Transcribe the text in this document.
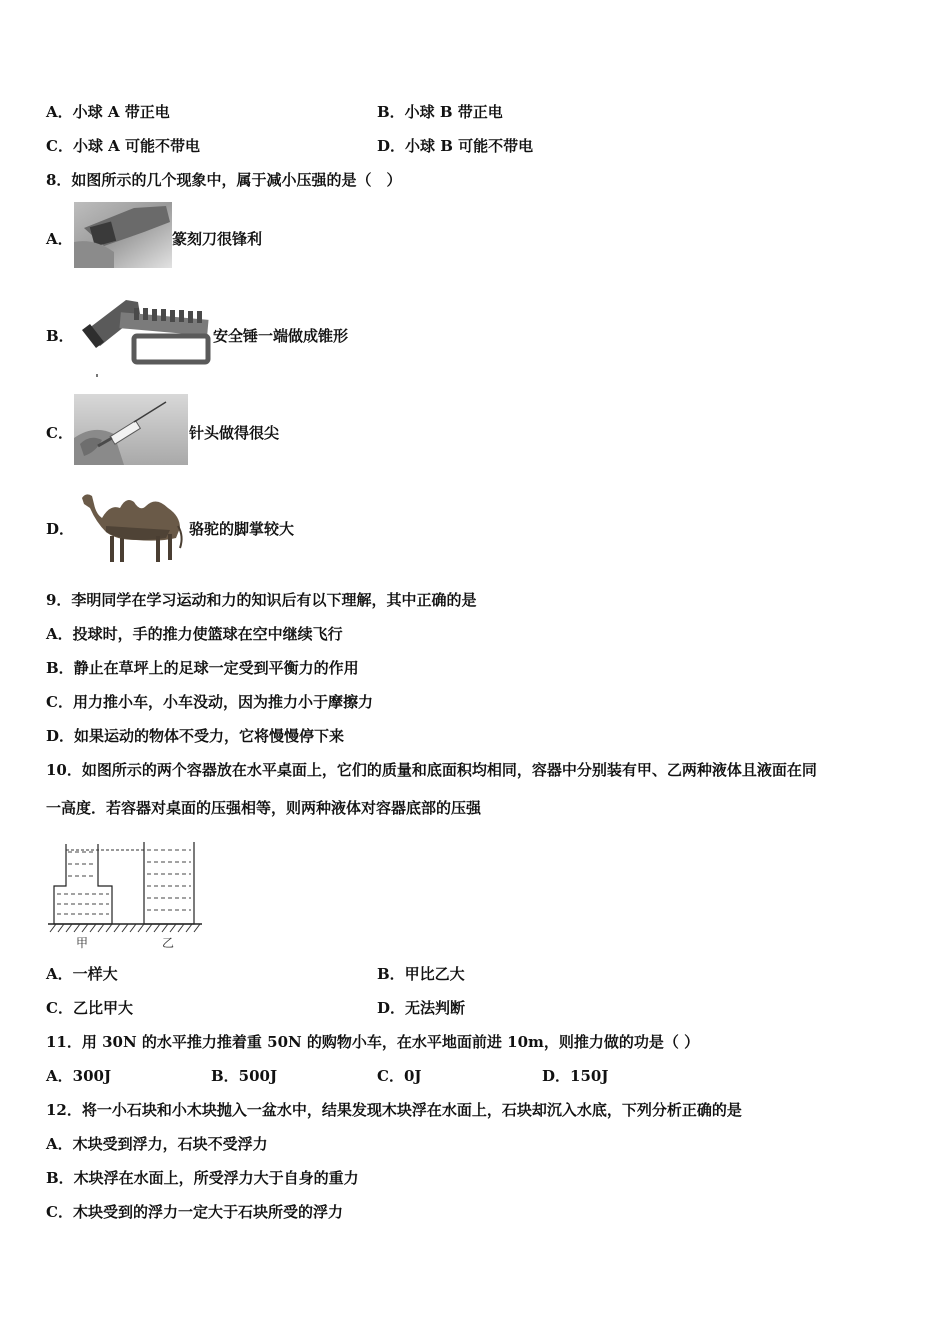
A．小球 A 带正电	B．小球 B 带正电
C．小球 A 可能不带电	D．小球 B 可能不带电
8．如图所示的几个现象中，属于减小压强的是（　）
A．	篆刻刀很锋利
B．	安全锤一端做成锥形
C．	针头做得很尖
D．	骆驼的脚掌较大
9．李明同学在学习运动和力的知识后有以下理解，其中正确的是
A．投球时，手的推力使篮球在空中继续飞行
B．静止在草坪上的足球一定受到平衡力的作用
C．用力推小车，小车没动，因为推力小于摩擦力
D．如果运动的物体不受力，它将慢慢停下来
10．如图所示的两个容器放在水平桌面上，它们的质量和底面积均相同，容器中分别装有甲、乙两种液体且液面在同
一高度．若容器对桌面的压强相等，则两种液体对容器底部的压强
甲	乙
A．一样大	B．甲比乙大
C．乙比甲大	D．无法判断
11．用 30N 的水平推力推着重 50N 的购物小车，在水平地面前进 10m，则推力做的功是（ ）
A．300J	B．500J	C．0J	D．150J
12．将一小石块和小木块抛入一盆水中，结果发现木块浮在水面上，石块却沉入水底，下列分析正确的是
A．木块受到浮力，石块不受浮力
B．木块浮在水面上，所受浮力大于自身的重力
C．木块受到的浮力一定大于石块所受的浮力
